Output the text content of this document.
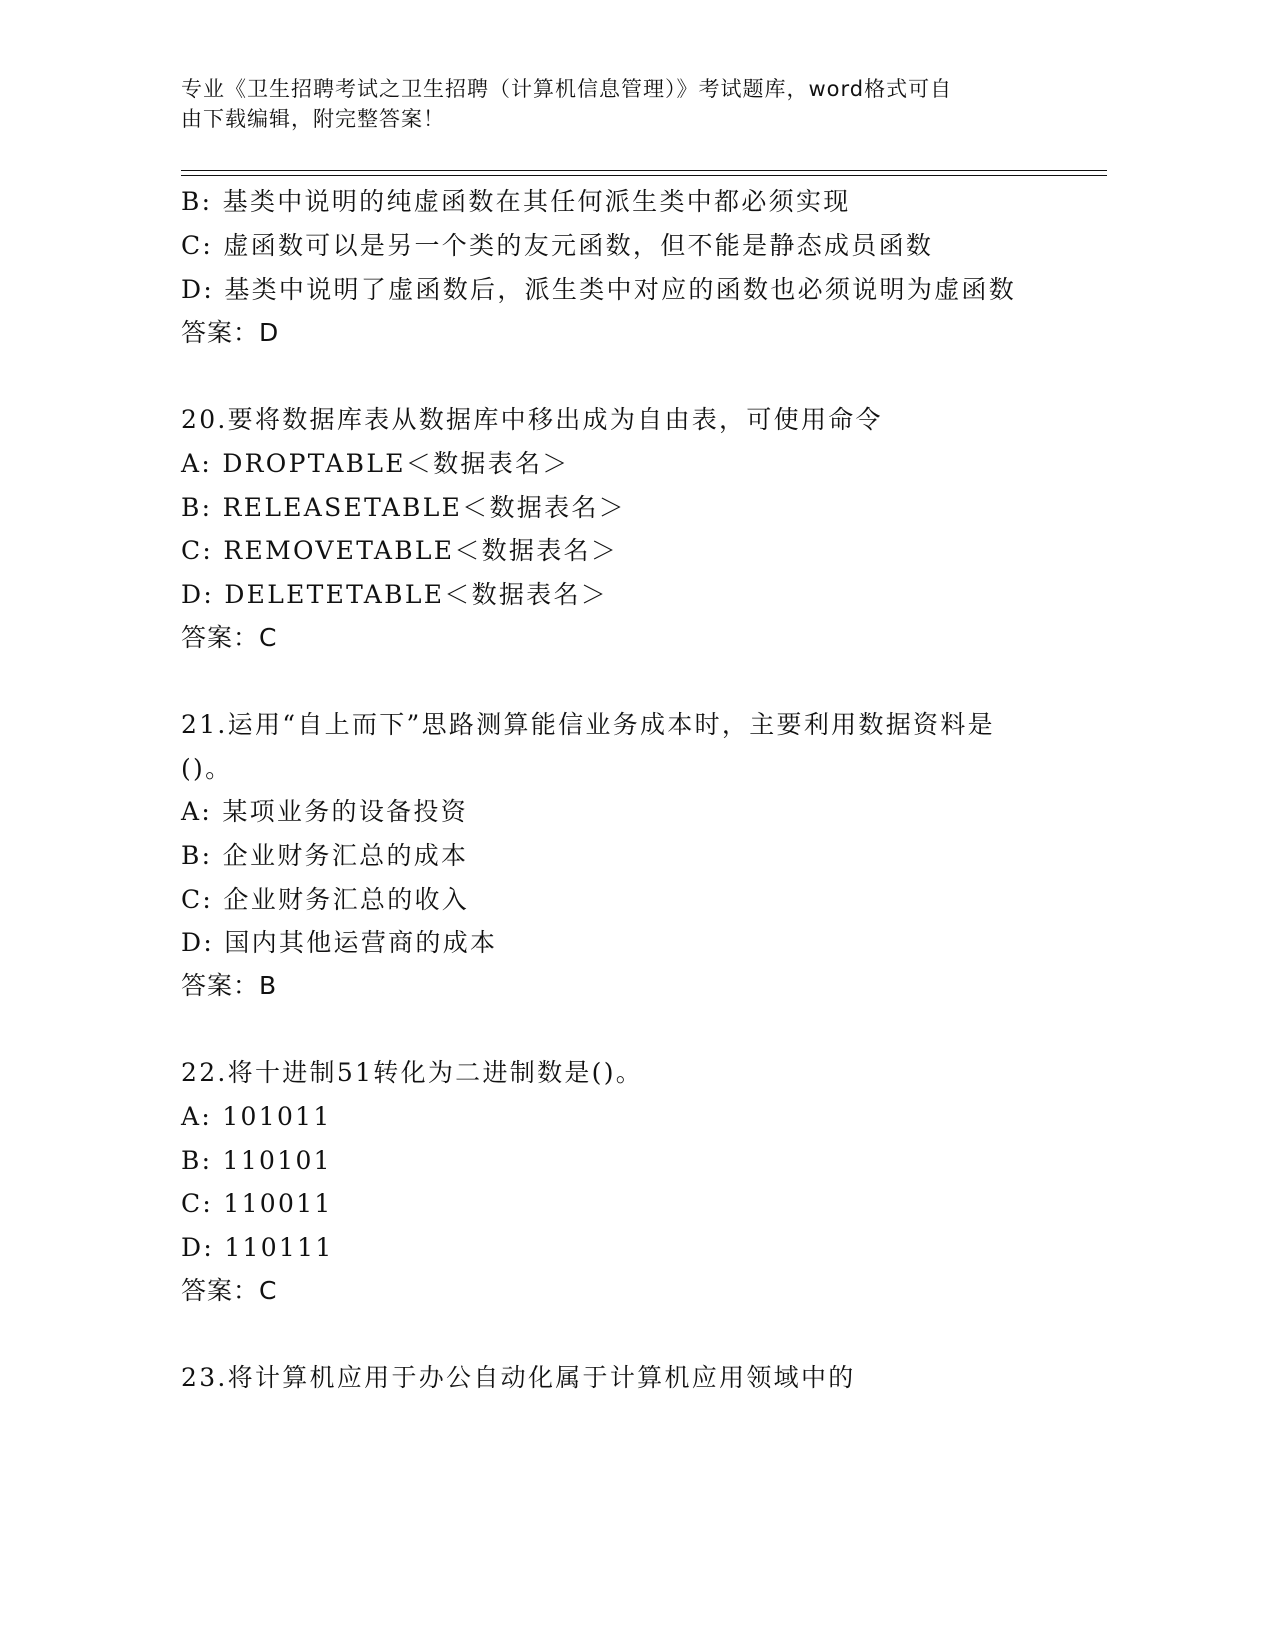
专业《卫生招聘考试之卫生招聘（计算机信息管理）》考试题库，word格式可自
由下载编辑，附完整答案！
B: 基类中说明的纯虚函数在其任何派生类中都必须实现
C: 虚函数可以是另一个类的友元函数，但不能是静态成员函数
D: 基类中说明了虚函数后，派生类中对应的函数也必须说明为虚函数
答案：D
20.要将数据库表从数据库中移出成为自由表，可使用命令
A: DROPTABLE＜数据表名＞
B: RELEASETABLE＜数据表名＞
C: REMOVETABLE＜数据表名＞
D: DELETETABLE＜数据表名＞
答案：C
21.运用“自上而下”思路测算能信业务成本时，主要利用数据资料是
()。
A: 某项业务的设备投资
B: 企业财务汇总的成本
C: 企业财务汇总的收入
D: 国内其他运营商的成本
答案：B
22.将十进制51转化为二进制数是()。
A: 101011
B: 110101
C: 110011
D: 110111
答案：C
23.将计算机应用于办公自动化属于计算机应用领域中的
